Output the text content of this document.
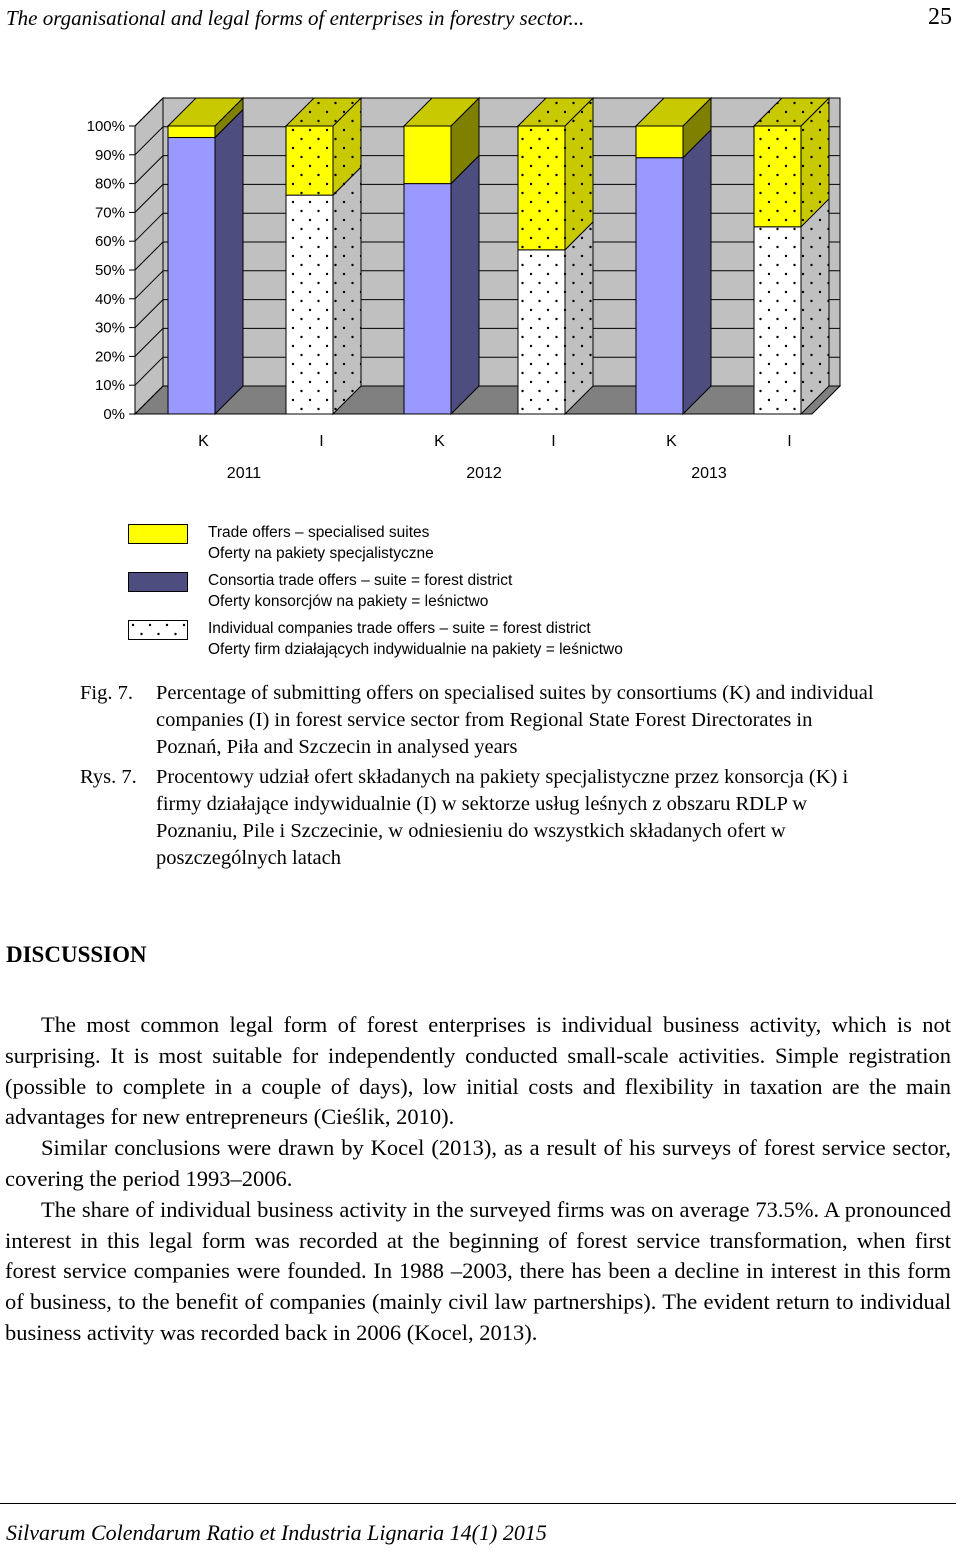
The organisational and legal forms of enterprises in forestry sector...	25
0%
10%
20%
30%
40%
50%
60%
70%
80%
90%
100%
K	I	K	I	K	I
2011	2012	2013
Trade offers – specialised suites
Oferty na pakiety specjalistyczne
Consortia trade offers – suite = forest district
Oferty konsorcjów na pakiety = leśnictwo
Individual companies trade offers – suite = forest district
Oferty firm działających indywidualnie na pakiety = leśnictwo
Fig. 7. Percentage of submitting offers on specialised suites by consortiums (K) and individual companies (I) in forest service sector from Regional State Forest Directorates in Poznań, Piła and Szczecin in analysed years
Rys. 7. Procentowy udział ofert składanych na pakiety specjalistyczne przez konsorcja (K) i firmy działające indywidualnie (I) w sektorze usług leśnych z obszaru RDLP w Poznaniu, Pile i Szczecinie, w odniesieniu do wszystkich składanych ofert w poszczególnych latach
DISCUSSION

The most common legal form of forest enterprises is individual business activity, which is not surprising. It is most suitable for independently conducted small-scale activities. Simple registration (possible to complete in a couple of days), low initial costs and flexibility in taxation are the main advantages for new entrepreneurs (Cieślik, 2010).

Similar conclusions were drawn by Kocel (2013), as a result of his surveys of forest service sector, covering the period 1993–2006.

The share of individual business activity in the surveyed firms was on average 73.5%. A pronounced interest in this legal form was recorded at the beginning of forest service transformation, when first forest service companies were founded. In 1988 –2003, there has been a decline in interest in this form of business, to the benefit of companies (mainly civil law partnerships). The evident return to individual business activity was recorded back in 2006 (Kocel, 2013).

Silvarum Colendarum Ratio et Industria Lignaria 14(1) 2015
